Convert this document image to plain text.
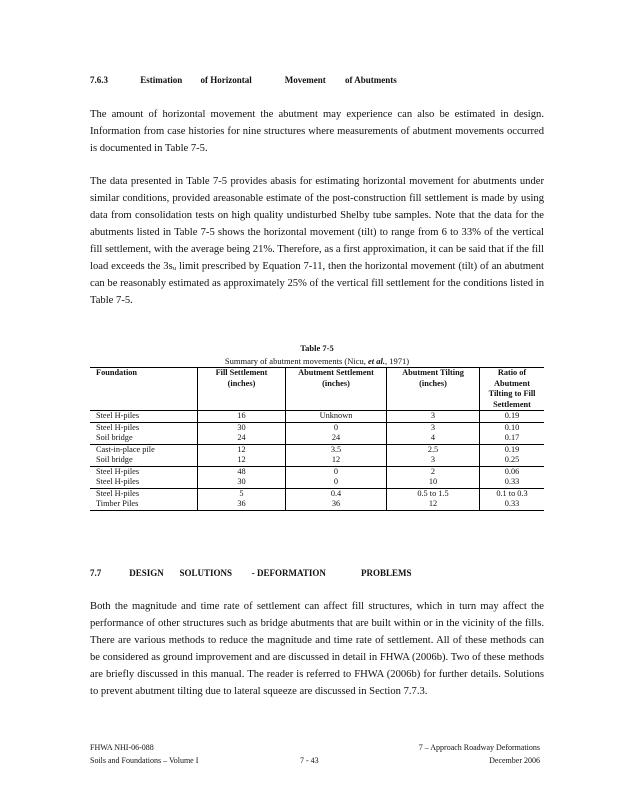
7.6.3	Estimation of Horizontal	Movement of Abutments

The amount of horizontal movement the abutment may experience can also be estimated in design. Information from case histories for nine structures where measurements of abutment movements occurred is documented in Table 7-5.

The data presented in Table 7-5 provides abasis for estimating horizontal movement for abutments under similar conditions, provided areasonable estimate of the post-construction fill settlement is made by using data from consolidation tests on high quality undisturbed Shelby tube samples. Note that the data for the abutments listed in Table 7-5 shows the horizontal movement (tilt) to range from 6 to 33% of the vertical fill settlement, with the average being 21%. Therefore, as a first approximation, it can be said that if the fill load exceeds the 3sᵤ limit prescribed by Equation 7-11, then the horizontal movement (tilt) of an abutment can be reasonably estimated as approximately 25% of the vertical fill settlement for the conditions listed in Table 7-5.

Table 7-5
Summary of abutment movements (Nicu, et al., 1971)
Foundation	Fill Settlement (inches)	Abutment Settlement (inches)	Abutment Tilting (inches)	Ratio of Abutment Tilting to Fill Settlement
Steel H-piles	16	Unknown	3	0.19
Steel H-piles	30	0	3	0.10
Soil bridge	24	24	4	0.17
Cast-in-place pile	12	3.5	2.5	0.19
Soil bridge	12	12	3	0.25
Steel H-piles	48	0	2	0.06
Steel H-piles	30	0	10	0.33
Steel H-piles	5	0.4	0.5 to 1.5	0.1 to 0.3
Timber Piles	36	36	12	0.33
7.7	DESIGN SOLUTIONS - DEFORMATION	PROBLEMS

Both the magnitude and time rate of settlement can affect fill structures, which in turn may affect the performance of other structures such as bridge abutments that are built within or in the vicinity of the fills. There are various methods to reduce the magnitude and time rate of settlement. All of these methods can be considered as ground improvement and are discussed in detail in FHWA (2006b). Two of these methods are briefly discussed in this manual. The reader is referred to FHWA (2006b) for further details. Solutions to prevent abutment tilting due to lateral squeeze are discussed in Section 7.7.3.

FHWA NHI-06-088
Soils and Foundations – Volume I	7 - 43
7 – Approach Roadway Deformations
December 2006
